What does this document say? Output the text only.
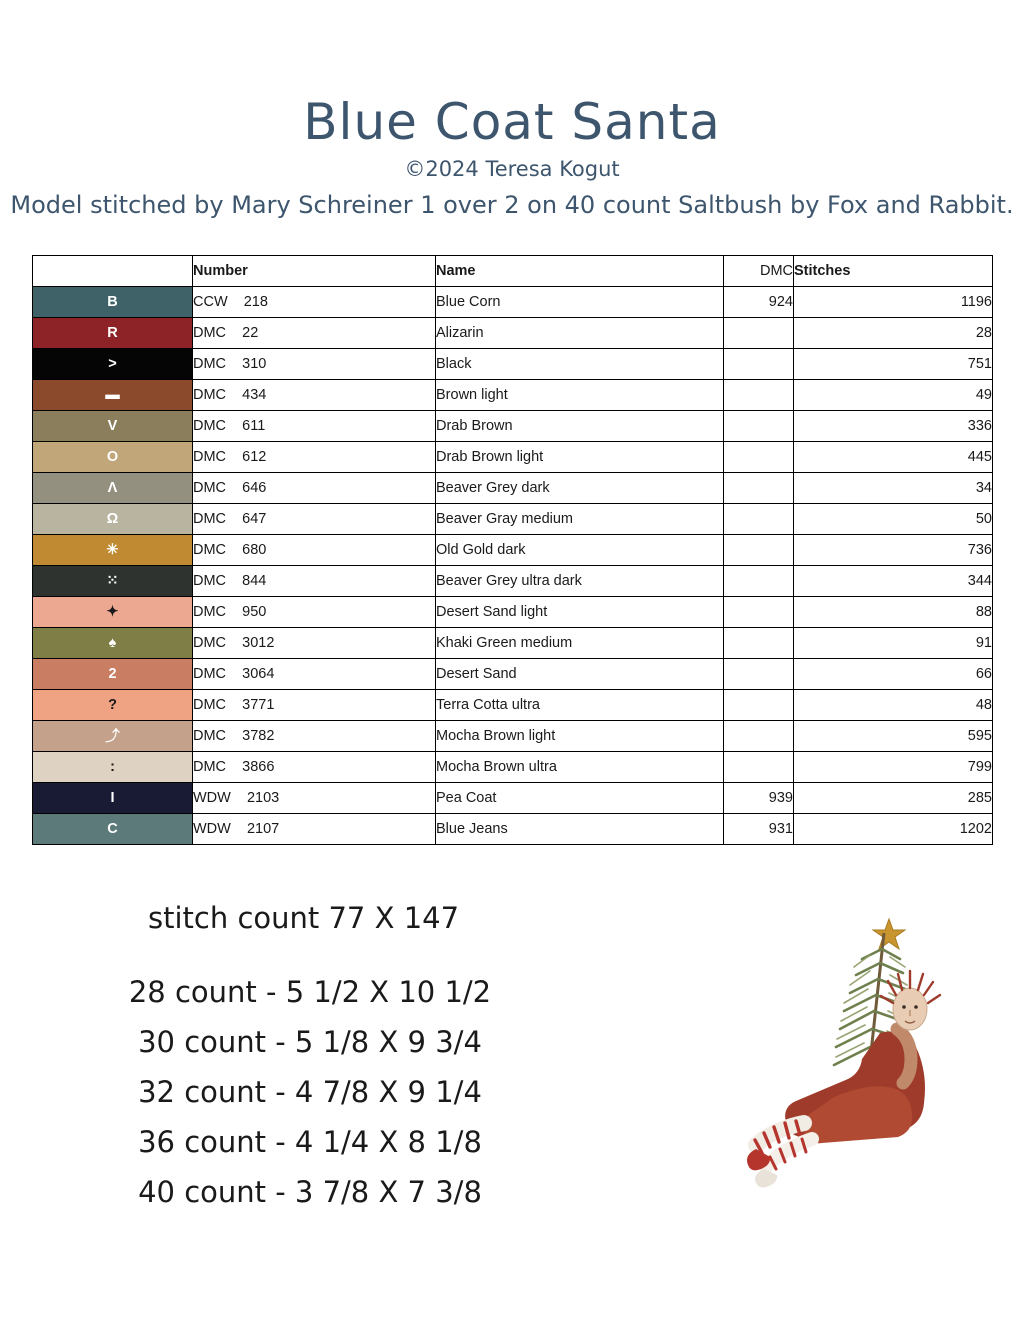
Blue Coat Santa
©2024 Teresa Kogut
Model stitched by Mary Schreiner 1 over 2 on 40 count Saltbush by Fox and Rabbit.
	Number	Name	DMC	Stitches
B	CCW    218	Blue Corn	924	1196
R	DMC    22	Alizarin		28
>	DMC    310	Black		751
▬	DMC    434	Brown light		49
V	DMC    611	Drab Brown		336
O	DMC    612	Drab Brown light		445
Λ	DMC    646	Beaver Grey dark		34
Ω	DMC    647	Beaver Gray medium		50
✳	DMC    680	Old Gold dark		736
⁙	DMC    844	Beaver Grey ultra dark		344
✦	DMC    950	Desert Sand light		88
♠	DMC    3012	Khaki Green medium		91
2	DMC    3064	Desert Sand		66
?	DMC    3771	Terra Cotta ultra		48
⤴	DMC    3782	Mocha Brown light		595
:	DMC    3866	Mocha Brown ultra		799
I	WDW    2103	Pea Coat	939	285
C	WDW    2107	Blue Jeans	931	1202
stitch count 77 X 147
28 count - 5 1/2 X 10 1/2
30 count - 5 1/8 X 9 3/4
32 count - 4 7/8 X 9 1/4
36 count - 4 1/4 X 8 1/8
40 count - 3 7/8 X 7 3/8
